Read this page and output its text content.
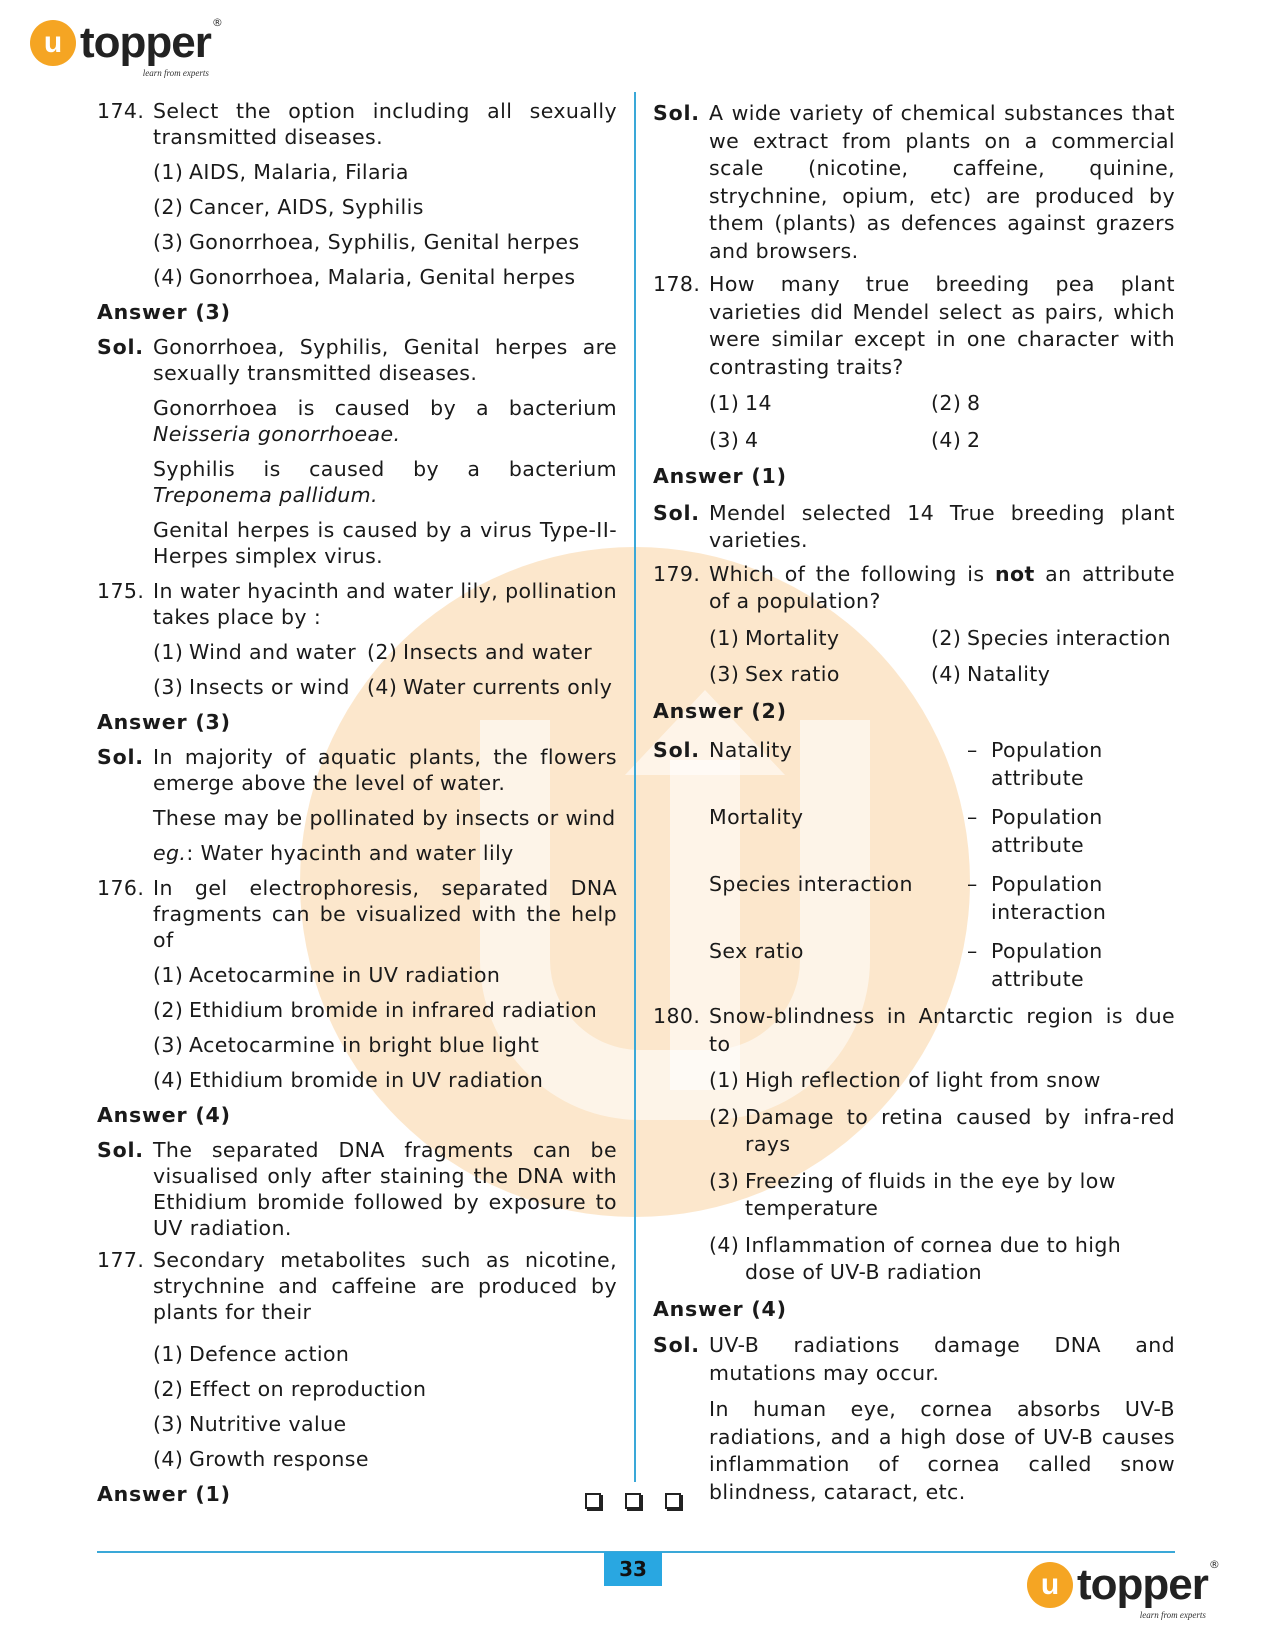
u topper ®
learn from experts
174. Select the option including all sexually transmitted diseases.
(1) AIDS, Malaria, Filaria
(2) Cancer, AIDS, Syphilis
(3) Gonorrhoea, Syphilis, Genital herpes
(4) Gonorrhoea, Malaria, Genital herpes
Answer (3)
Sol. Gonorrhoea, Syphilis, Genital herpes are sexually transmitted diseases.
Gonorrhoea is caused by a bacterium Neisseria gonorrhoeae.
Syphilis is caused by a bacterium Treponema pallidum.
Genital herpes is caused by a virus Type-II-Herpes simplex virus.
175. In water hyacinth and water lily, pollination takes place by :
(1) Wind and water (2) Insects and water
(3) Insects or wind (4) Water currents only
Answer (3)
Sol. In majority of aquatic plants, the flowers emerge above the level of water.
These may be pollinated by insects or wind
eg.: Water hyacinth and water lily
176. In gel electrophoresis, separated DNA fragments can be visualized with the help of
(1) Acetocarmine in UV radiation
(2) Ethidium bromide in infrared radiation
(3) Acetocarmine in bright blue light
(4) Ethidium bromide in UV radiation
Answer (4)
Sol. The separated DNA fragments can be visualised only after staining the DNA with Ethidium bromide followed by exposure to UV radiation.
177. Secondary metabolites such as nicotine, strychnine and caffeine are produced by plants for their
(1) Defence action
(2) Effect on reproduction
(3) Nutritive value
(4) Growth response
Answer (1)
Sol. A wide variety of chemical substances that we extract from plants on a commercial scale (nicotine, caffeine, quinine, strychnine, opium, etc) are produced by them (plants) as defences against grazers and browsers.
178. How many true breeding pea plant varieties did Mendel select as pairs, which were similar except in one character with contrasting traits?
(1) 14	(2) 8
(3) 4	(4) 2
Answer (1)
Sol. Mendel selected 14 True breeding plant varieties.
179. Which of the following is not an attribute of a population?
(1) Mortality	(2) Species interaction
(3) Sex ratio	(4) Natality
Answer (2)
Sol. Natality	– Population attribute
Mortality	– Population attribute
Species interaction	– Population interaction
Sex ratio	– Population attribute
180. Snow-blindness in Antarctic region is due to
(1) High reflection of light from snow
(2) Damage to retina caused by infra-red rays
(3) Freezing of fluids in the eye by low temperature
(4) Inflammation of cornea due to high dose of UV-B radiation
Answer (4)
Sol. UV-B radiations damage DNA and mutations may occur.
In human eye, cornea absorbs UV-B radiations, and a high dose of UV-B causes inflammation of cornea called snow blindness, cataract, etc.
33	u topper ®
learn from experts
